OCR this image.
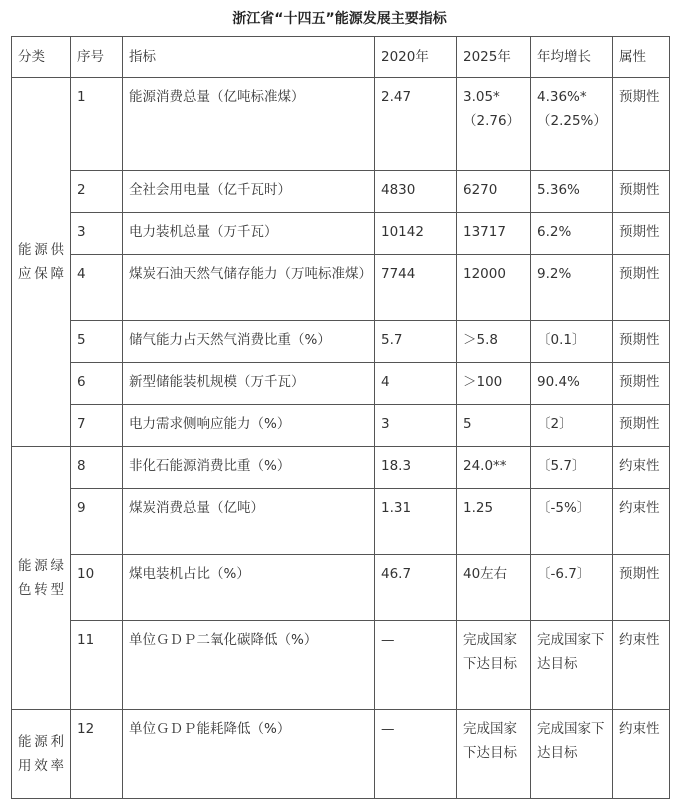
浙江省“十四五”能源发展主要指标
分类	序号	指标	2020年	2025年	年均增长	属性
能源供应保障	1	能源消费总量（亿吨标准煤）	2.47	3.05*（2.76）	4.36%*（2.25%）	预期性
	2	全社会用电量（亿千瓦时）	4830	6270	5.36%	预期性
	3	电力装机总量（万千瓦）	10142	13717	6.2%	预期性
	4	煤炭石油天然气储存能力（万吨标准煤）	7744	12000	9.2%	预期性
	5	储气能力占天然气消费比重（%）	5.7	＞5.8	〔0.1〕	预期性
	6	新型储能装机规模（万千瓦）	4	＞100	90.4%	预期性
	7	电力需求侧响应能力（%）	3	5	〔2〕	预期性
能源绿色转型	8	非化石能源消费比重（%）	18.3	24.0**	〔5.7〕	约束性
	9	煤炭消费总量（亿吨）	1.31	1.25	〔-5%〕	约束性
	10	煤电装机占比（%）	46.7	40左右	〔-6.7〕	预期性
	11	单位ＧＤＰ二氧化碳降低（%）	—	完成国家下达目标	完成国家下达目标	约束性
能源利用效率	12	单位ＧＤＰ能耗降低（%）	—	完成国家下达目标	完成国家下达目标	约束性
